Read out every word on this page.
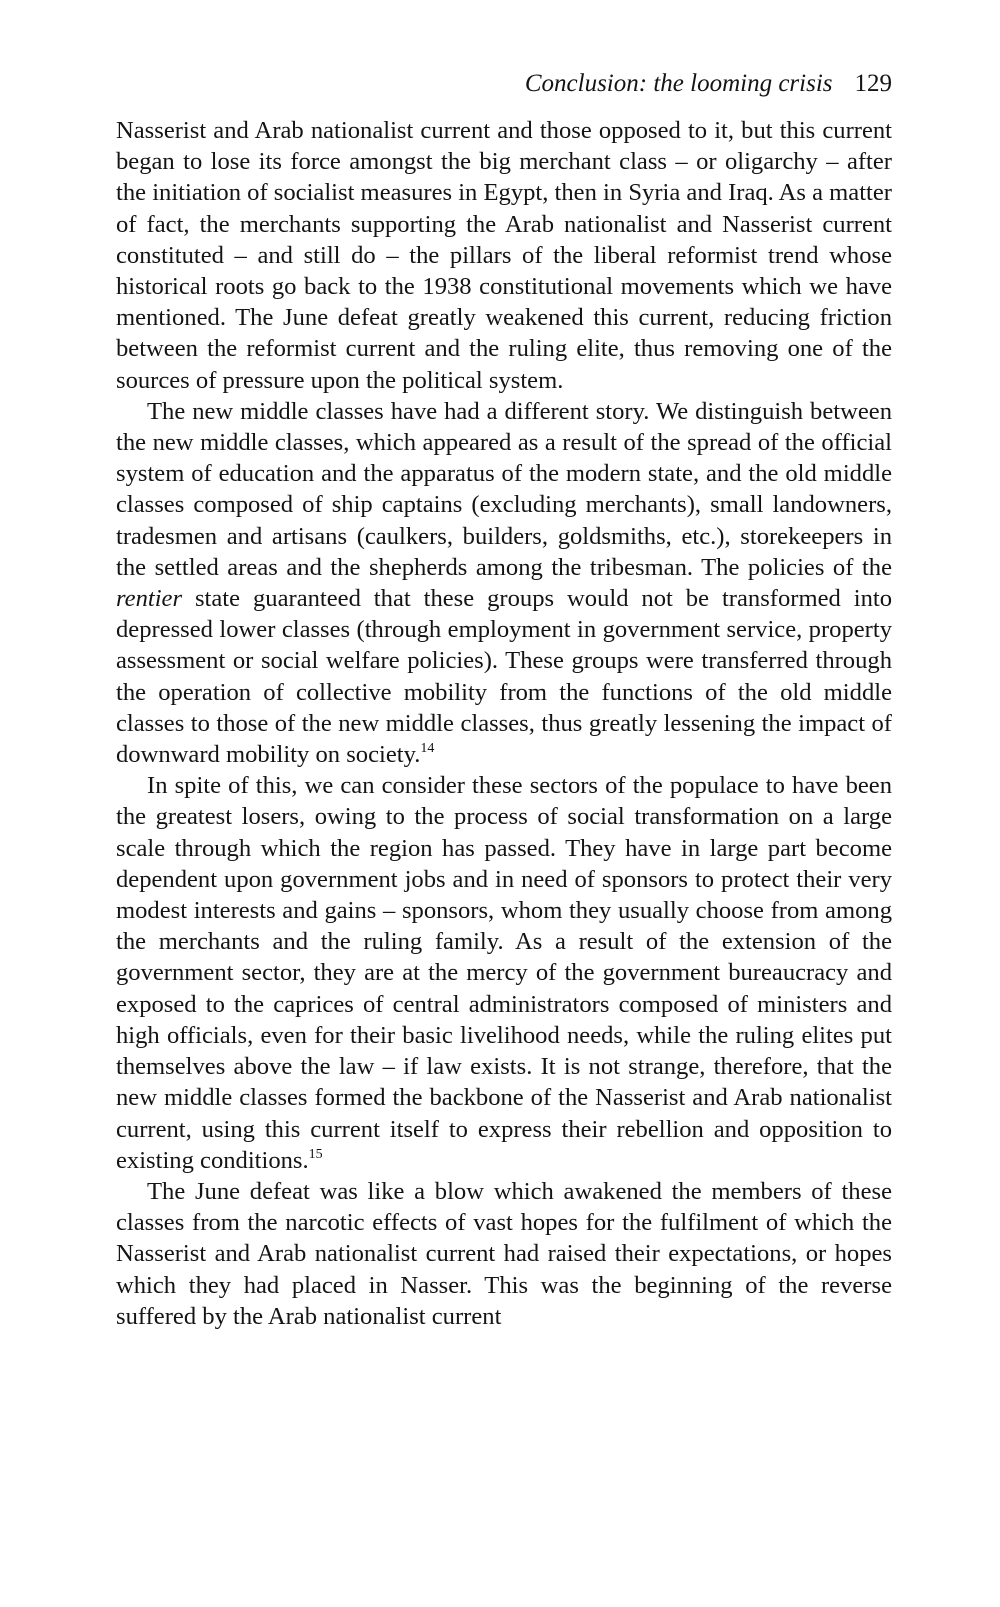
Conclusion: the looming crisis 129

Nasserist and Arab nationalist current and those opposed to it, but this current began to lose its force amongst the big merchant class – or oligarchy – after the initiation of socialist measures in Egypt, then in Syria and Iraq. As a matter of fact, the merchants supporting the Arab nationalist and Nasserist current constituted – and still do – the pillars of the liberal reformist trend whose historical roots go back to the 1938 constitutional movements which we have mentioned. The June defeat greatly weakened this current, reducing friction between the reformist current and the ruling elite, thus removing one of the sources of pressure upon the political system.

The new middle classes have had a different story. We distinguish between the new middle classes, which appeared as a result of the spread of the official system of education and the apparatus of the modern state, and the old middle classes composed of ship captains (excluding merchants), small landowners, tradesmen and artisans (caulkers, builders, goldsmiths, etc.), storekeepers in the settled areas and the shepherds among the tribesman. The policies of the rentier state guaranteed that these groups would not be transformed into depressed lower classes (through employment in government service, property assessment or social welfare policies). These groups were transferred through the operation of collective mobility from the functions of the old middle classes to those of the new middle classes, thus greatly lessening the impact of downward mobility on society.$^{14}$

In spite of this, we can consider these sectors of the populace to have been the greatest losers, owing to the process of social transformation on a large scale through which the region has passed. They have in large part become dependent upon government jobs and in need of sponsors to protect their very modest interests and gains – sponsors, whom they usually choose from among the merchants and the ruling family. As a result of the extension of the government sector, they are at the mercy of the government bureaucracy and exposed to the caprices of central administrators composed of ministers and high officials, even for their basic livelihood needs, while the ruling elites put themselves above the law – if law exists. It is not strange, therefore, that the new middle classes formed the backbone of the Nasserist and Arab nationalist current, using this current itself to express their rebellion and opposition to existing conditions.$^{15}$

The June defeat was like a blow which awakened the members of these classes from the narcotic effects of vast hopes for the fulfilment of which the Nasserist and Arab nationalist current had raised their expectations, or hopes which they had placed in Nasser. This was the beginning of the reverse suffered by the Arab nationalist current
